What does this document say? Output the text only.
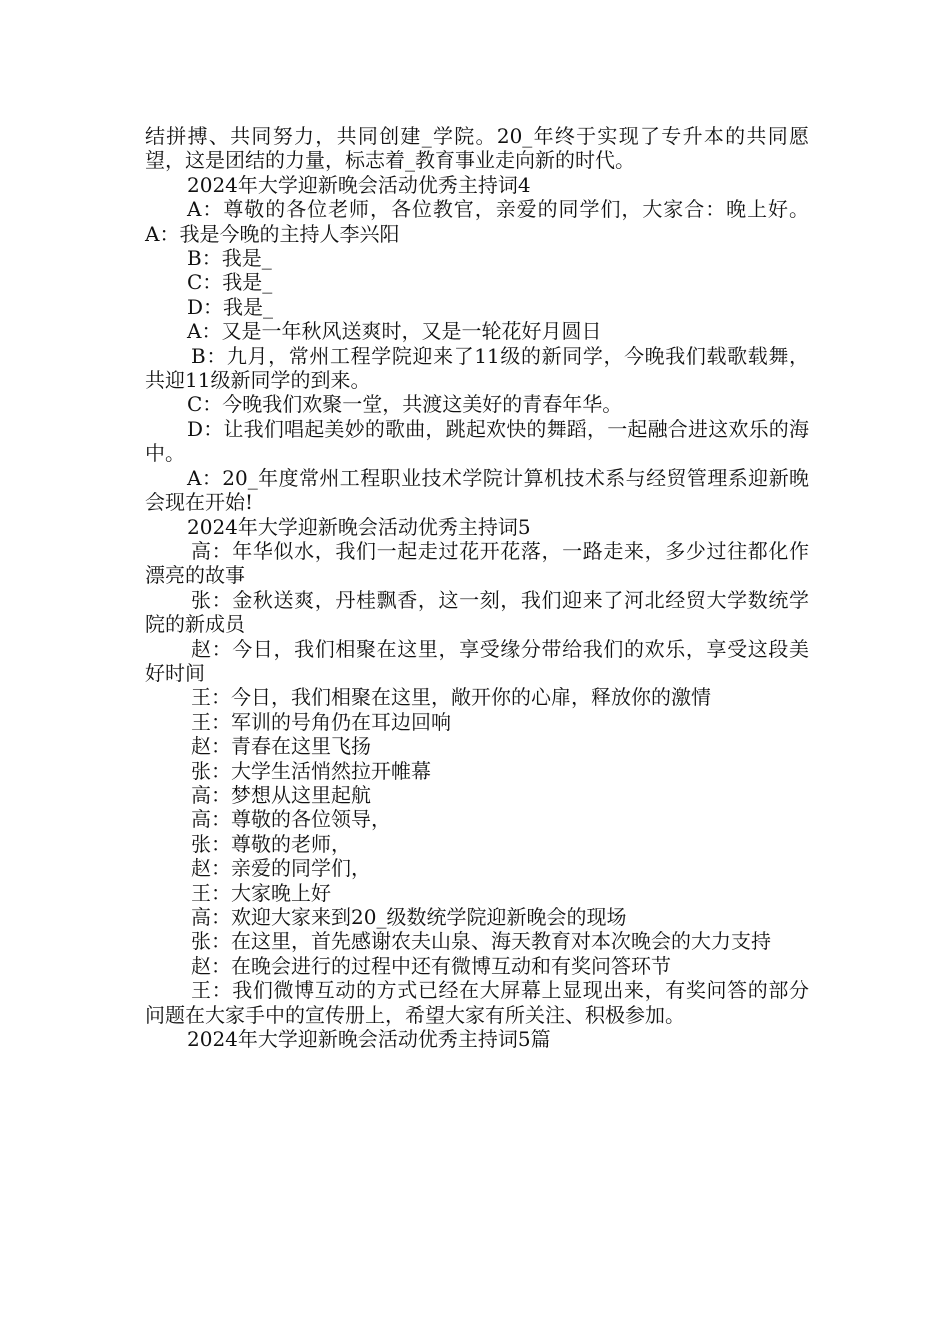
结拼搏、共同努力，共同创建_学院。20_年终于实现了专升本的共同愿望，这是团结的力量，标志着_教育事业走向新的时代。

2024年大学迎新晚会活动优秀主持词4

A：尊敬的各位老师，各位教官，亲爱的同学们，大家合：晚上好。A：我是今晚的主持人李兴阳

B：我是_

C：我是_

D：我是_

A：又是一年秋风送爽时，又是一轮花好月圆日

B：九月，常州工程学院迎来了11级的新同学，今晚我们载歌载舞，共迎11级新同学的到来。

C：今晚我们欢聚一堂，共渡这美好的青春年华。

D：让我们唱起美妙的歌曲，跳起欢快的舞蹈，一起融合进这欢乐的海中。

A：20_年度常州工程职业技术学院计算机技术系与经贸管理系迎新晚会现在开始!

2024年大学迎新晚会活动优秀主持词5

高：年华似水，我们一起走过花开花落，一路走来，多少过往都化作漂亮的故事

张：金秋送爽，丹桂飘香，这一刻，我们迎来了河北经贸大学数统学院的新成员

赵：今日，我们相聚在这里，享受缘分带给我们的欢乐，享受这段美好时间

王：今日，我们相聚在这里，敞开你的心扉，释放你的激情

王：军训的号角仍在耳边回响

赵：青春在这里飞扬

张：大学生活悄然拉开帷幕

高：梦想从这里起航

高：尊敬的各位领导，

张：尊敬的老师，

赵：亲爱的同学们，

王：大家晚上好

高：欢迎大家来到20_级数统学院迎新晚会的现场

张：在这里，首先感谢农夫山泉、海天教育对本次晚会的大力支持

赵：在晚会进行的过程中还有微博互动和有奖问答环节

王：我们微博互动的方式已经在大屏幕上显现出来，有奖问答的部分问题在大家手中的宣传册上，希望大家有所关注、积极参加。

2024年大学迎新晚会活动优秀主持词5篇
